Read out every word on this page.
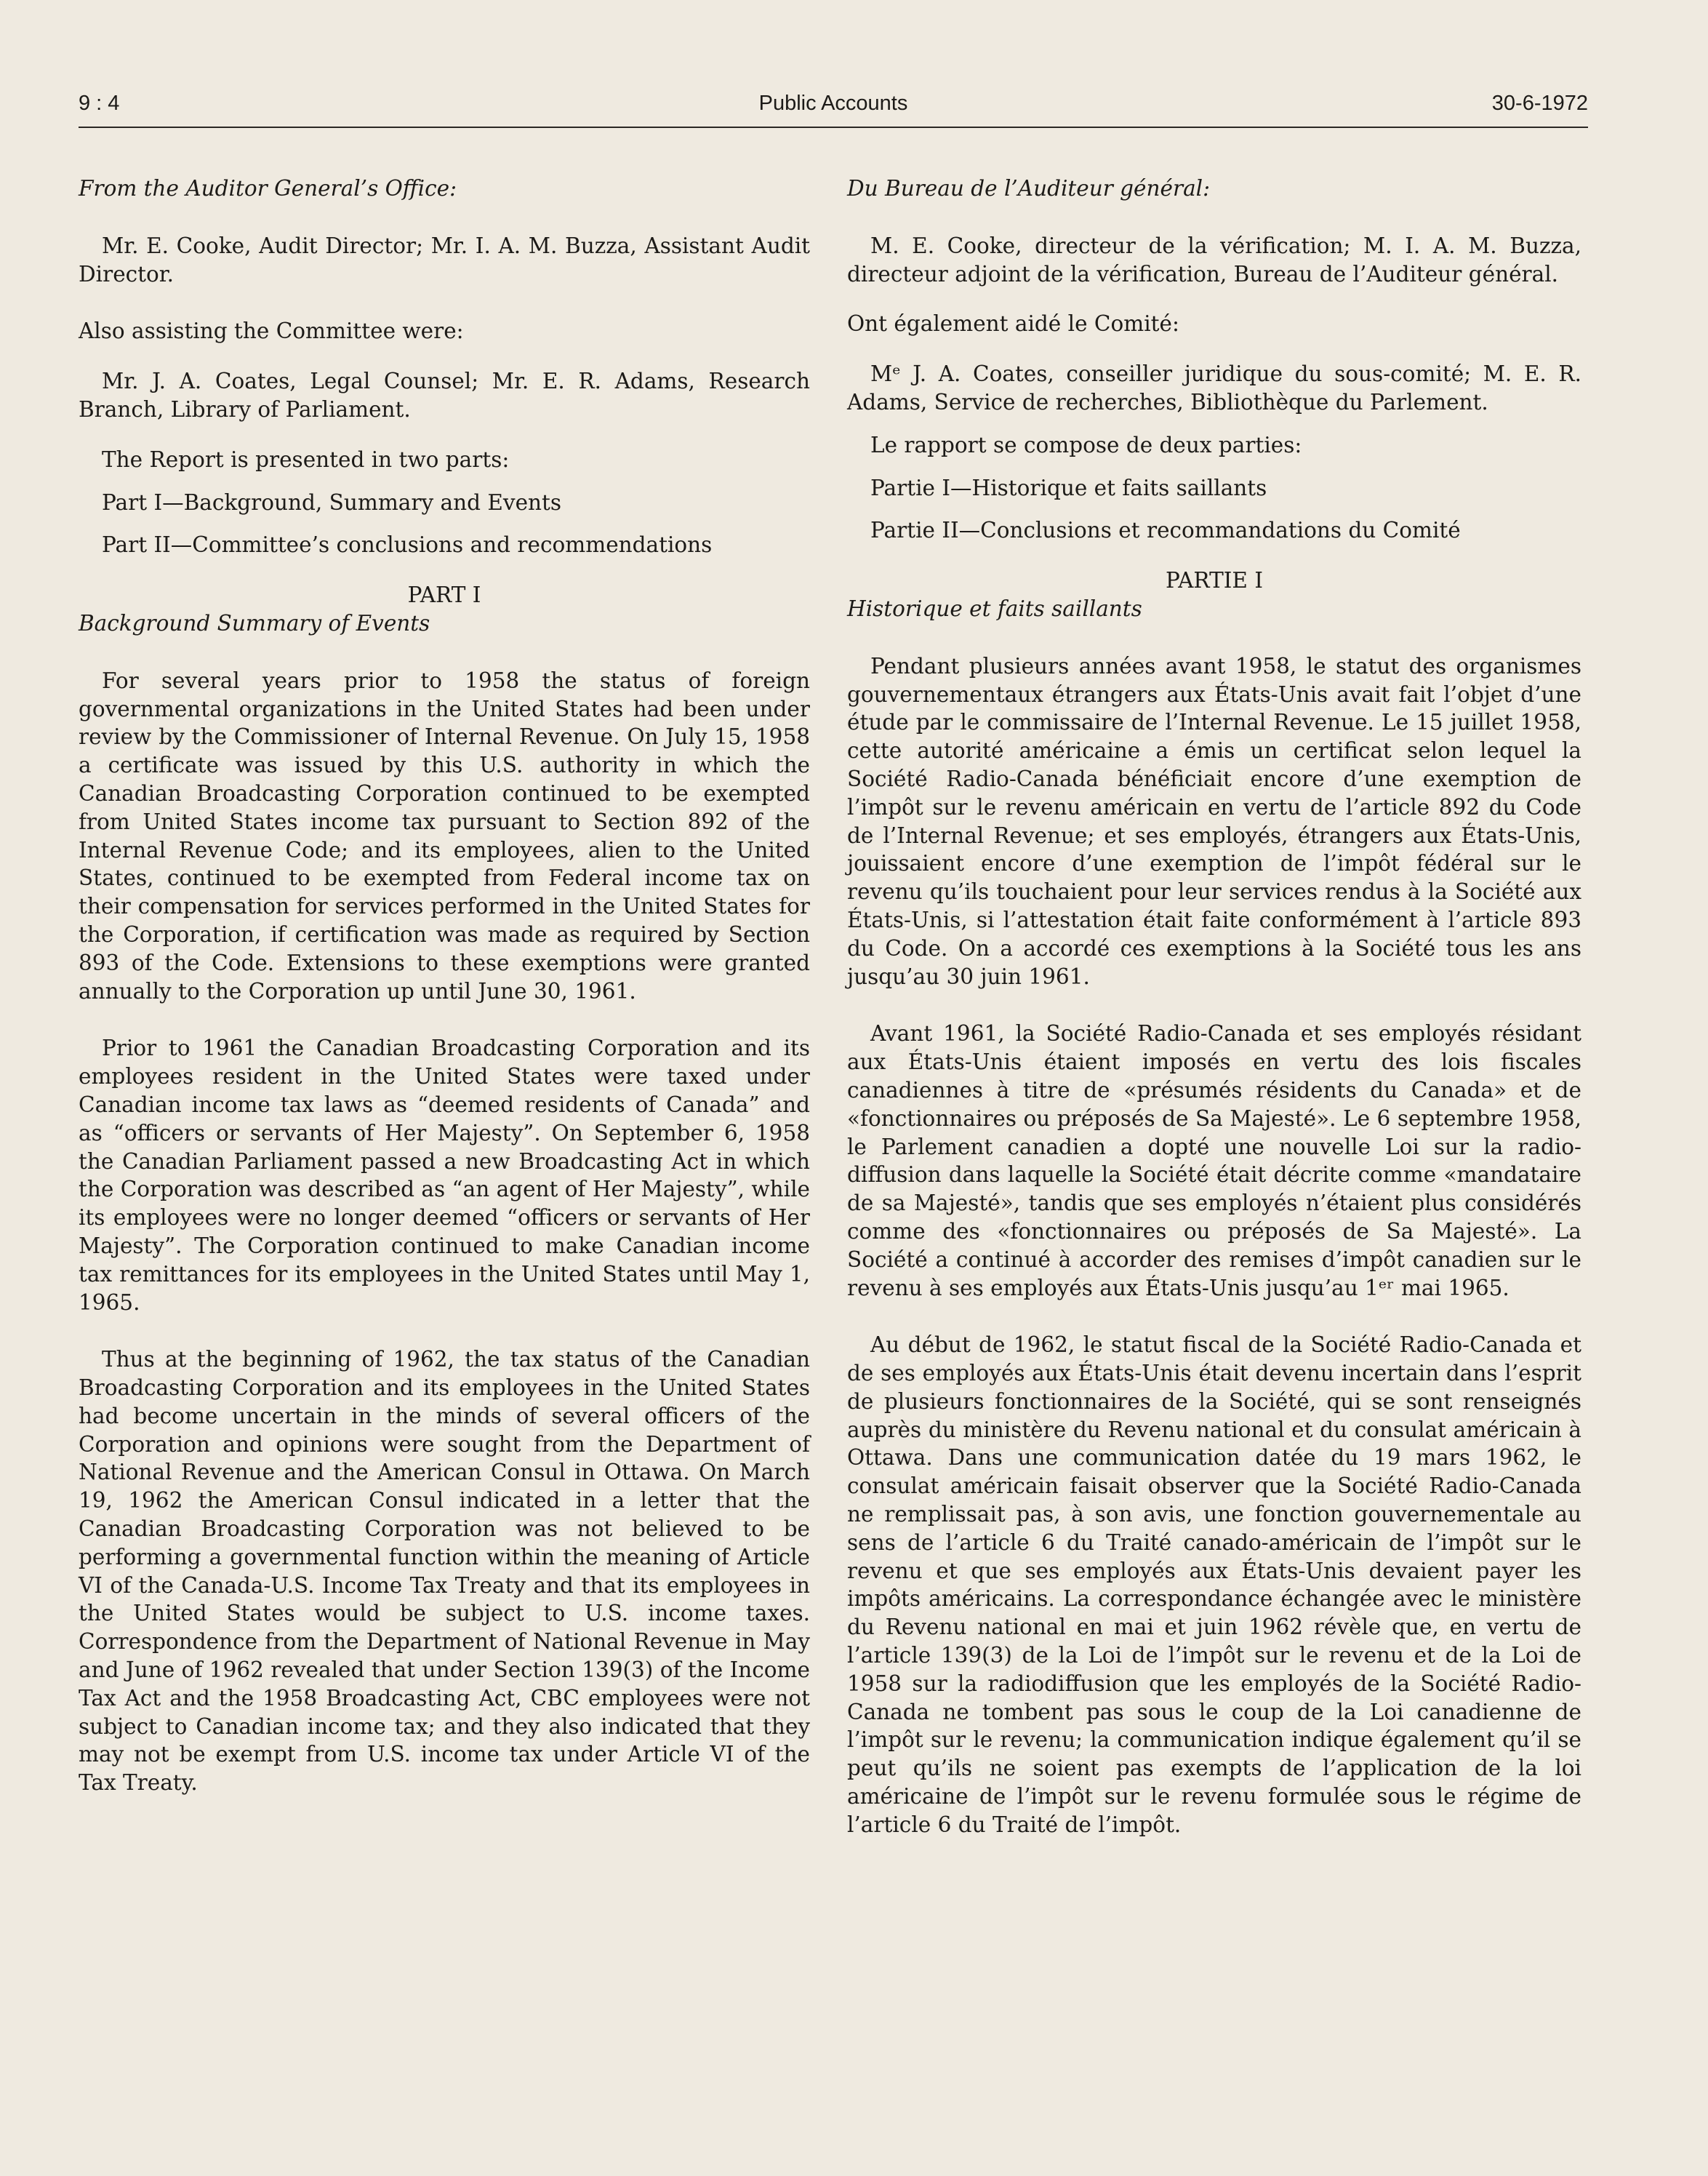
9 : 4	Public Accounts	30-6-1972

From the Auditor General’s Office:

Mr. E. Cooke, Audit Director; Mr. I. A. M. Buzza, Assistant Audit Director.

Also assisting the Committee were:

Mr. J. A. Coates, Legal Counsel; Mr. E. R. Adams, Research Branch, Library of Parliament.

The Report is presented in two parts:

Part I—Background, Summary and Events

Part II—Committee’s conclusions and recommendations

PART I

Background Summary of Events

For several years prior to 1958 the status of foreign governmental organizations in the United States had been under review by the Commissioner of Internal Revenue. On July 15, 1958 a certificate was issued by this U.S. authority in which the Canadian Broadcasting Corporation continued to be exempted from United States income tax pursuant to Section 892 of the Internal Revenue Code; and its employees, alien to the United States, continued to be exempted from Federal income tax on their compensation for services performed in the United States for the Corporation, if certification was made as required by Section 893 of the Code. Extensions to these exemptions were granted annually to the Corporation up until June 30, 1961.

Prior to 1961 the Canadian Broadcasting Corporation and its employees resident in the United States were taxed under Canadian income tax laws as “deemed residents of Canada” and as “officers or servants of Her Majesty”. On September 6, 1958 the Canadian Parliament passed a new Broadcasting Act in which the Corporation was described as “an agent of Her Majesty”, while its employees were no longer deemed “officers or servants of Her Majesty”. The Corporation continued to make Canadian income tax remittances for its employees in the United States until May 1, 1965.

Thus at the beginning of 1962, the tax status of the Canadian Broadcasting Corporation and its employees in the United States had become uncertain in the minds of several officers of the Corporation and opinions were sought from the Department of National Revenue and the American Consul in Ottawa. On March 19, 1962 the American Consul indicated in a letter that the Canadian Broadcasting Corporation was not believed to be performing a governmental function within the meaning of Article VI of the Canada-U.S. Income Tax Treaty and that its employees in the United States would be subject to U.S. income taxes. Correspondence from the Department of National Revenue in May and June of 1962 revealed that under Section 139(3) of the Income Tax Act and the 1958 Broadcasting Act, CBC employees were not subject to Canadian income tax; and they also indicated that they may not be exempt from U.S. income tax under Article VI of the Tax Treaty.

Du Bureau de l’Auditeur général:

M. E. Cooke, directeur de la vérification; M. I. A. M. Buzza, directeur adjoint de la vérification, Bureau de l’Auditeur général.

Ont également aidé le Comité:

Mᵉ J. A. Coates, conseiller juridique du sous-comité; M. E. R. Adams, Service de recherches, Bibliothèque du Parlement.

Le rapport se compose de deux parties:

Partie I—Historique et faits saillants

Partie II—Conclusions et recommandations du Comité

PARTIE I

Historique et faits saillants

Pendant plusieurs années avant 1958, le statut des organismes gouvernementaux étrangers aux États-Unis avait fait l’objet d’une étude par le commissaire de l’Internal Revenue. Le 15 juillet 1958, cette autorité américaine a émis un certificat selon lequel la Société Radio-Canada bénéficiait encore d’une exemption de l’impôt sur le revenu américain en vertu de l’article 892 du Code de l’Internal Revenue; et ses employés, étrangers aux États-Unis, jouissaient encore d’une exemption de l’impôt fédéral sur le revenu qu’ils touchaient pour leur services rendus à la Société aux États-Unis, si l’attestation était faite conformément à l’article 893 du Code. On a accordé ces exemptions à la Société tous les ans jusqu’au 30 juin 1961.

Avant 1961, la Société Radio-Canada et ses employés résidant aux États-Unis étaient imposés en vertu des lois fiscales canadiennes à titre de «présumés résidents du Canada» et de «fonctionnaires ou préposés de Sa Majesté». Le 6 septembre 1958, le Parlement canadien a dopté une nouvelle Loi sur la radio-diffusion dans laquelle la Société était décrite comme «mandataire de sa Majesté», tandis que ses employés n’étaient plus considérés comme des «fonctionnaires ou préposés de Sa Majesté». La Société a continué à accorder des remises d’impôt canadien sur le revenu à ses employés aux États-Unis jusqu’au 1ᵉʳ mai 1965.

Au début de 1962, le statut fiscal de la Société Radio-Canada et de ses employés aux États-Unis était devenu incertain dans l’esprit de plusieurs fonctionnaires de la Société, qui se sont renseignés auprès du ministère du Revenu national et du consulat américain à Ottawa. Dans une communication datée du 19 mars 1962, le consulat américain faisait observer que la Société Radio-Canada ne remplissait pas, à son avis, une fonction gouvernementale au sens de l’article 6 du Traité canado-américain de l’impôt sur le revenu et que ses employés aux États-Unis devaient payer les impôts américains. La correspondance échangée avec le ministère du Revenu national en mai et juin 1962 révèle que, en vertu de l’article 139(3) de la Loi de l’impôt sur le revenu et de la Loi de 1958 sur la radiodiffusion que les employés de la Société Radio-Canada ne tombent pas sous le coup de la Loi canadienne de l’impôt sur le revenu; la communication indique également qu’il se peut qu’ils ne soient pas exempts de l’application de la loi américaine de l’impôt sur le revenu formulée sous le régime de l’article 6 du Traité de l’impôt.
